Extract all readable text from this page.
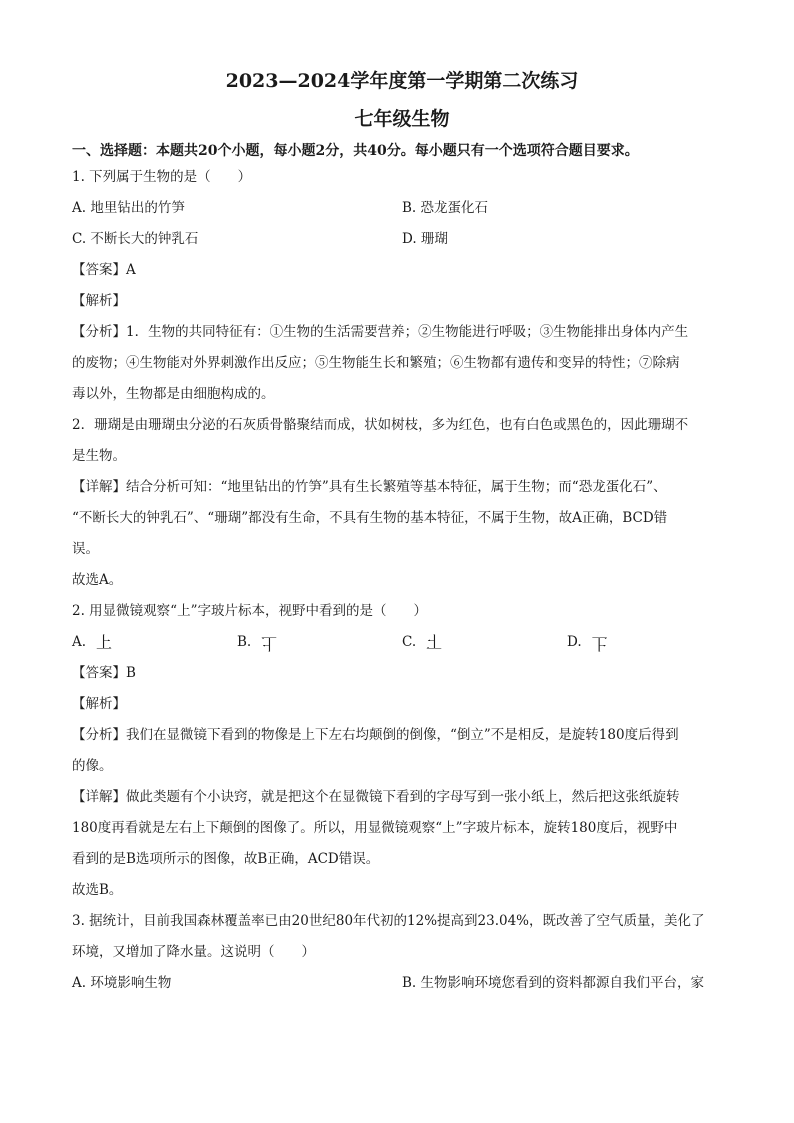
2023—2024学年度第一学期第二次练习
七年级生物
一、选择题：本题共20个小题，每小题2分，共40分。每小题只有一个选项符合题目要求。

1. 下列属于生物的是（　　）

A. 地里钻出的竹笋	B. 恐龙蛋化石
C. 不断长大的钟乳石	D. 珊瑚

【答案】A

【解析】

【分析】1．生物的共同特征有：①生物的生活需要营养；②生物能进行呼吸；③生物能排出身体内产生

的废物；④生物能对外界刺激作出反应；⑤生物能生长和繁殖；⑥生物都有遗传和变异的特性；⑦除病

毒以外，生物都是由细胞构成的。

2．珊瑚是由珊瑚虫分泌的石灰质骨骼聚结而成，状如树枝，多为红色，也有白色或黑色的，因此珊瑚不

是生物。

【详解】结合分析可知：“地里钻出的竹笋”具有生长繁殖等基本特征，属于生物；而“恐龙蛋化石”、

“不断长大的钟乳石”、“珊瑚”都没有生命，不具有生物的基本特征，不属于生物，故A正确，BCD错

误。

故选A。

2. 用显微镜观察“上”字玻片标本，视野中看到的是（　　）

A. 上	B. 上	C. 上	D. 上

【答案】B

【解析】

【分析】我们在显微镜下看到的物像是上下左右均颠倒的倒像，“倒立”不是相反，是旋转180度后得到

的像。

【详解】做此类题有个小诀窍，就是把这个在显微镜下看到的字母写到一张小纸上，然后把这张纸旋转

180度再看就是左右上下颠倒的图像了。所以，用显微镜观察“上”字玻片标本，旋转180度后，视野中

看到的是B选项所示的图像，故B正确，ACD错误。

故选B。

3. 据统计，目前我国森林覆盖率已由20世纪80年代初的12%提高到23.04%，既改善了空气质量，美化了

环境，又增加了降水量。这说明（　　）

A. 环境影响生物	B. 生物影响环境您看到的资料都源自我们平台，家
